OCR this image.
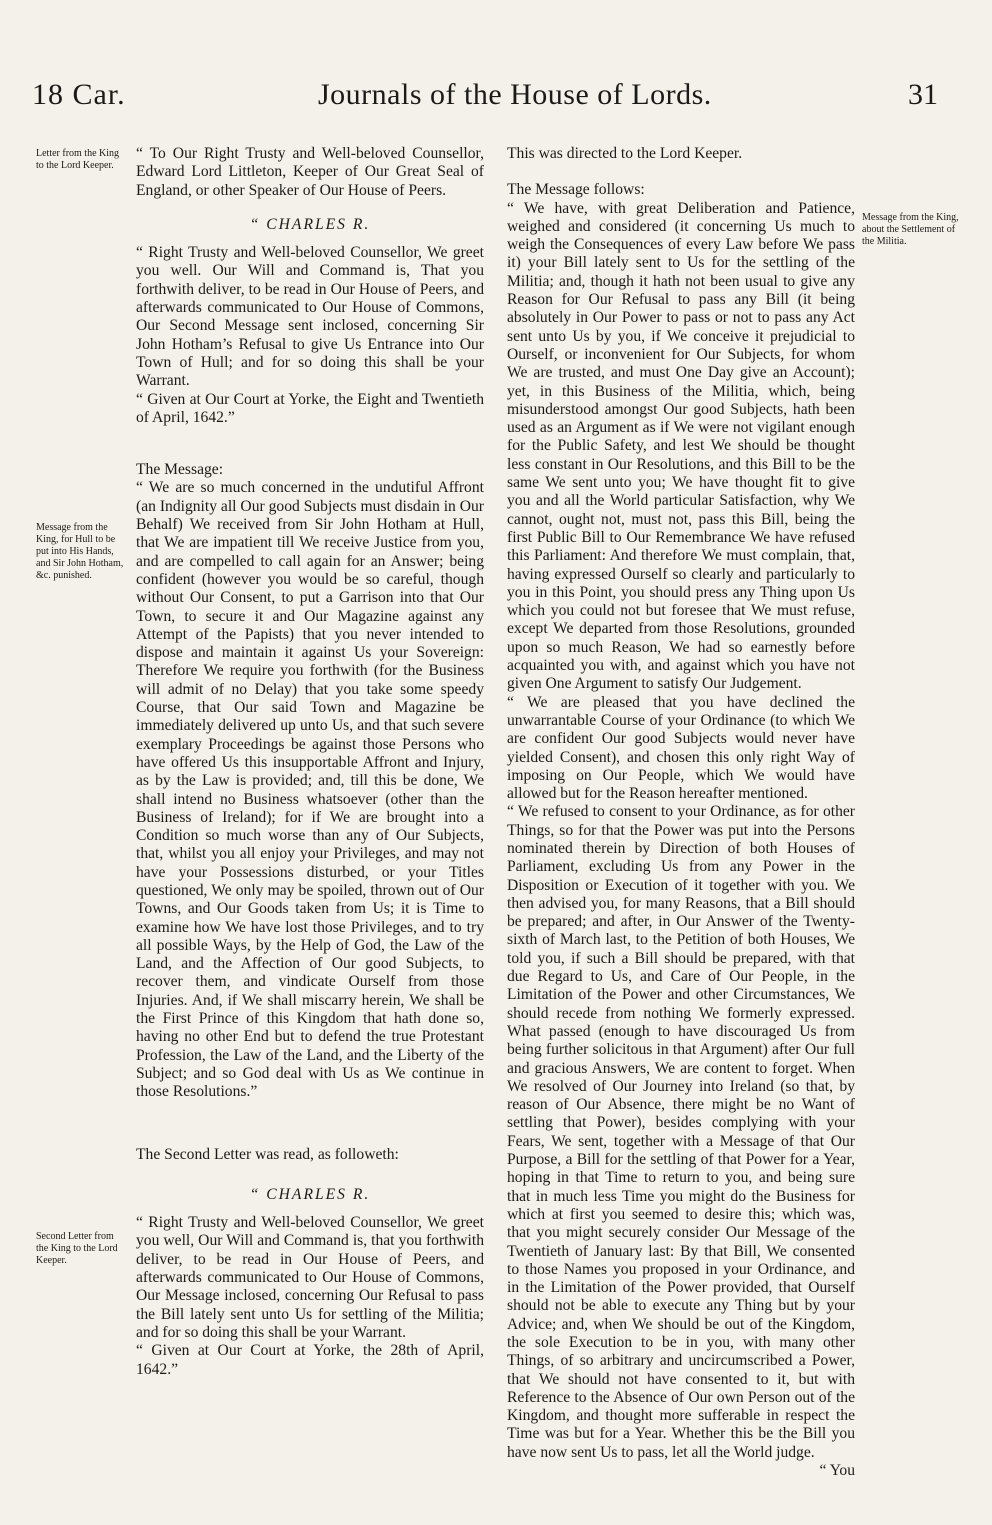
18 Car.	Journals of the House of Lords.	31
Letter from the King to the Lord Keeper.
Message from the King, for Hull to be put into His Hands, and Sir John Hotham, &c. punished.
Second Letter from the King to the Lord Keeper.
Message from the King, about the Settlement of the Militia.

“ To Our Right Trusty and Well-beloved Counsellor, Edward Lord Littleton, Keeper of Our Great Seal of England, or other Speaker of Our House of Peers.

“ CHARLES R.

“ Right Trusty and Well-beloved Counsellor, We greet you well. Our Will and Command is, That you forthwith deliver, to be read in Our House of Peers, and afterwards communicated to Our House of Commons, Our Second Message sent inclosed, concerning Sir John Hotham’s Refusal to give Us Entrance into Our Town of Hull; and for so doing this shall be your Warrant.

“ Given at Our Court at Yorke, the Eight and Twentieth of April, 1642.”

The Message:

“ We are so much concerned in the undutiful Affront (an Indignity all Our good Subjects must disdain in Our Behalf) We received from Sir John Hotham at Hull, that We are impatient till We receive Justice from you, and are compelled to call again for an Answer; being confident (however you would be so careful, though without Our Consent, to put a Garrison into that Our Town, to secure it and Our Magazine against any Attempt of the Papists) that you never intended to dispose and maintain it against Us your Sovereign: Therefore We require you forthwith (for the Business will admit of no Delay) that you take some speedy Course, that Our said Town and Magazine be immediately delivered up unto Us, and that such severe exemplary Proceedings be against those Persons who have offered Us this insupportable Affront and Injury, as by the Law is provided; and, till this be done, We shall intend no Business whatsoever (other than the Business of Ireland); for if We are brought into a Condition so much worse than any of Our Subjects, that, whilst you all enjoy your Privileges, and may not have your Possessions disturbed, or your Titles questioned, We only may be spoiled, thrown out of Our Towns, and Our Goods taken from Us; it is Time to examine how We have lost those Privileges, and to try all possible Ways, by the Help of God, the Law of the Land, and the Affection of Our good Subjects, to recover them, and vindicate Ourself from those Injuries. And, if We shall miscarry herein, We shall be the First Prince of this Kingdom that hath done so, having no other End but to defend the true Protestant Profession, the Law of the Land, and the Liberty of the Subject; and so God deal with Us as We continue in those Resolutions.”

The Second Letter was read, as followeth:

“ CHARLES R.

“ Right Trusty and Well-beloved Counsellor, We greet you well, Our Will and Command is, that you forthwith deliver, to be read in Our House of Peers, and afterwards communicated to Our House of Commons, Our Message inclosed, concerning Our Refusal to pass the Bill lately sent unto Us for settling of the Militia; and for so doing this shall be your Warrant.

“ Given at Our Court at Yorke, the 28th of April, 1642.”

This was directed to the Lord Keeper.

The Message follows:

“ We have, with great Deliberation and Patience, weighed and considered (it concerning Us much to weigh the Consequences of every Law before We pass it) your Bill lately sent to Us for the settling of the Militia; and, though it hath not been usual to give any Reason for Our Refusal to pass any Bill (it being absolutely in Our Power to pass or not to pass any Act sent unto Us by you, if We conceive it prejudicial to Ourself, or inconvenient for Our Subjects, for whom We are trusted, and must One Day give an Account); yet, in this Business of the Militia, which, being misunderstood amongst Our good Subjects, hath been used as an Argument as if We were not vigilant enough for the Public Safety, and lest We should be thought less constant in Our Resolutions, and this Bill to be the same We sent unto you; We have thought fit to give you and all the World particular Satisfaction, why We cannot, ought not, must not, pass this Bill, being the first Public Bill to Our Remembrance We have refused this Parliament: And therefore We must complain, that, having expressed Ourself so clearly and particularly to you in this Point, you should press any Thing upon Us which you could not but foresee that We must refuse, except We departed from those Resolutions, grounded upon so much Reason, We had so earnestly before acquainted you with, and against which you have not given One Argument to satisfy Our Judgement.

“ We are pleased that you have declined the unwarrantable Course of your Ordinance (to which We are confident Our good Subjects would never have yielded Consent), and chosen this only right Way of imposing on Our People, which We would have allowed but for the Reason hereafter mentioned.

“ We refused to consent to your Ordinance, as for other Things, so for that the Power was put into the Persons nominated therein by Direction of both Houses of Parliament, excluding Us from any Power in the Disposition or Execution of it together with you. We then advised you, for many Reasons, that a Bill should be prepared; and after, in Our Answer of the Twenty-sixth of March last, to the Petition of both Houses, We told you, if such a Bill should be prepared, with that due Regard to Us, and Care of Our People, in the Limitation of the Power and other Circumstances, We should recede from nothing We formerly expressed. What passed (enough to have discouraged Us from being further solicitous in that Argument) after Our full and gracious Answers, We are content to forget. When We resolved of Our Journey into Ireland (so that, by reason of Our Absence, there might be no Want of settling that Power), besides complying with your Fears, We sent, together with a Message of that Our Purpose, a Bill for the settling of that Power for a Year, hoping in that Time to return to you, and being sure that in much less Time you might do the Business for which at first you seemed to desire this; which was, that you might securely consider Our Message of the Twentieth of January last: By that Bill, We consented to those Names you proposed in your Ordinance, and in the Limitation of the Power provided, that Ourself should not be able to execute any Thing but by your Advice; and, when We should be out of the Kingdom, the sole Execution to be in you, with many other Things, of so arbitrary and uncircumscribed a Power, that We should not have consented to it, but with Reference to the Absence of Our own Person out of the Kingdom, and thought more sufferable in respect the Time was but for a Year. Whether this be the Bill you have now sent Us to pass, let all the World judge.

“ You
